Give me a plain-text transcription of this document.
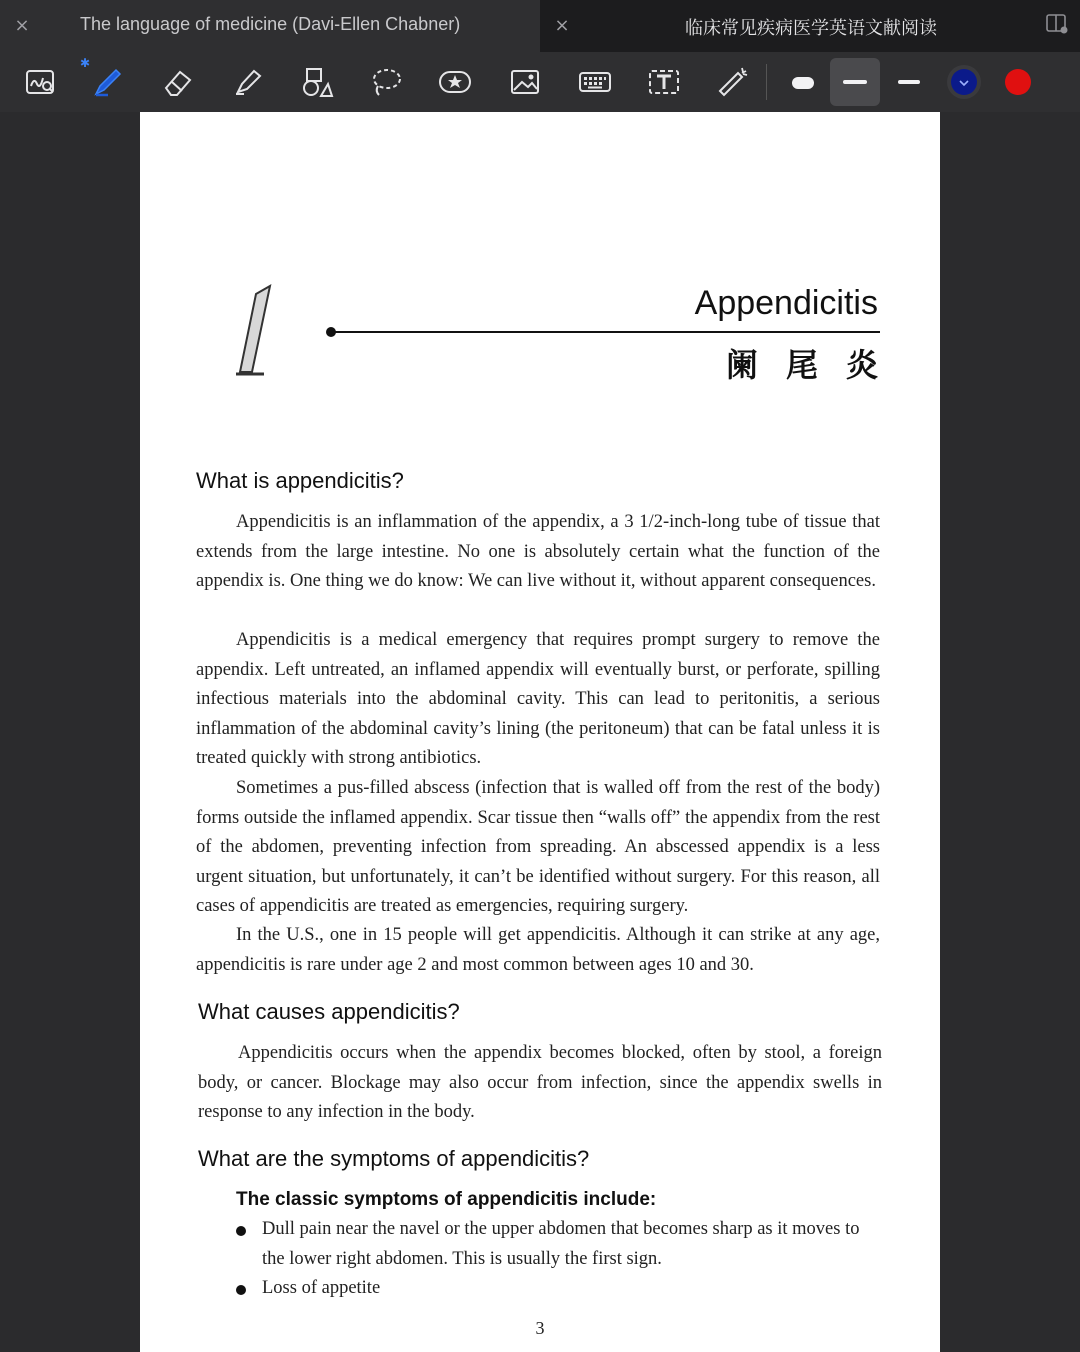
×	The language of medicine (Davi-Ellen Chabner)	×	临床常见疾病医学英语文献阅读
✱
1
Appendicitis
阑尾炎
What is appendicitis?
Appendicitis is an inflammation of the appendix, a 3 1/2-inch-long tube of tissue that extends from the large intestine. No one is absolutely certain what the function of the appendix is. One thing we do know: We can live without it, without apparent consequences.
Appendicitis is a medical emergency that requires prompt surgery to remove the appendix. Left untreated, an inflamed appendix will eventually burst, or perforate, spilling infectious materials into the abdominal cavity. This can lead to peritonitis, a serious inflammation of the abdominal cavity’s lining (the peritoneum) that can be fatal unless it is treated quickly with strong antibiotics.
Sometimes a pus-filled abscess (infection that is walled off from the rest of the body) forms outside the inflamed appendix. Scar tissue then “walls off” the appendix from the rest of the abdomen, preventing infection from spreading. An abscessed appendix is a less urgent situation, but unfortunately, it can’t be identified without surgery. For this reason, all cases of appendicitis are treated as emergencies, requiring surgery.
In the U.S., one in 15 people will get appendicitis. Although it can strike at any age, appendicitis is rare under age 2 and most common between ages 10 and 30.
What causes appendicitis?
Appendicitis occurs when the appendix becomes blocked, often by stool, a foreign body, or cancer. Blockage may also occur from infection, since the appendix swells in response to any infection in the body.
What are the symptoms of appendicitis?
The classic symptoms of appendicitis include:
Dull pain near the navel or the upper abdomen that becomes sharp as it moves to the lower right abdomen. This is usually the first sign.
Loss of appetite
3
